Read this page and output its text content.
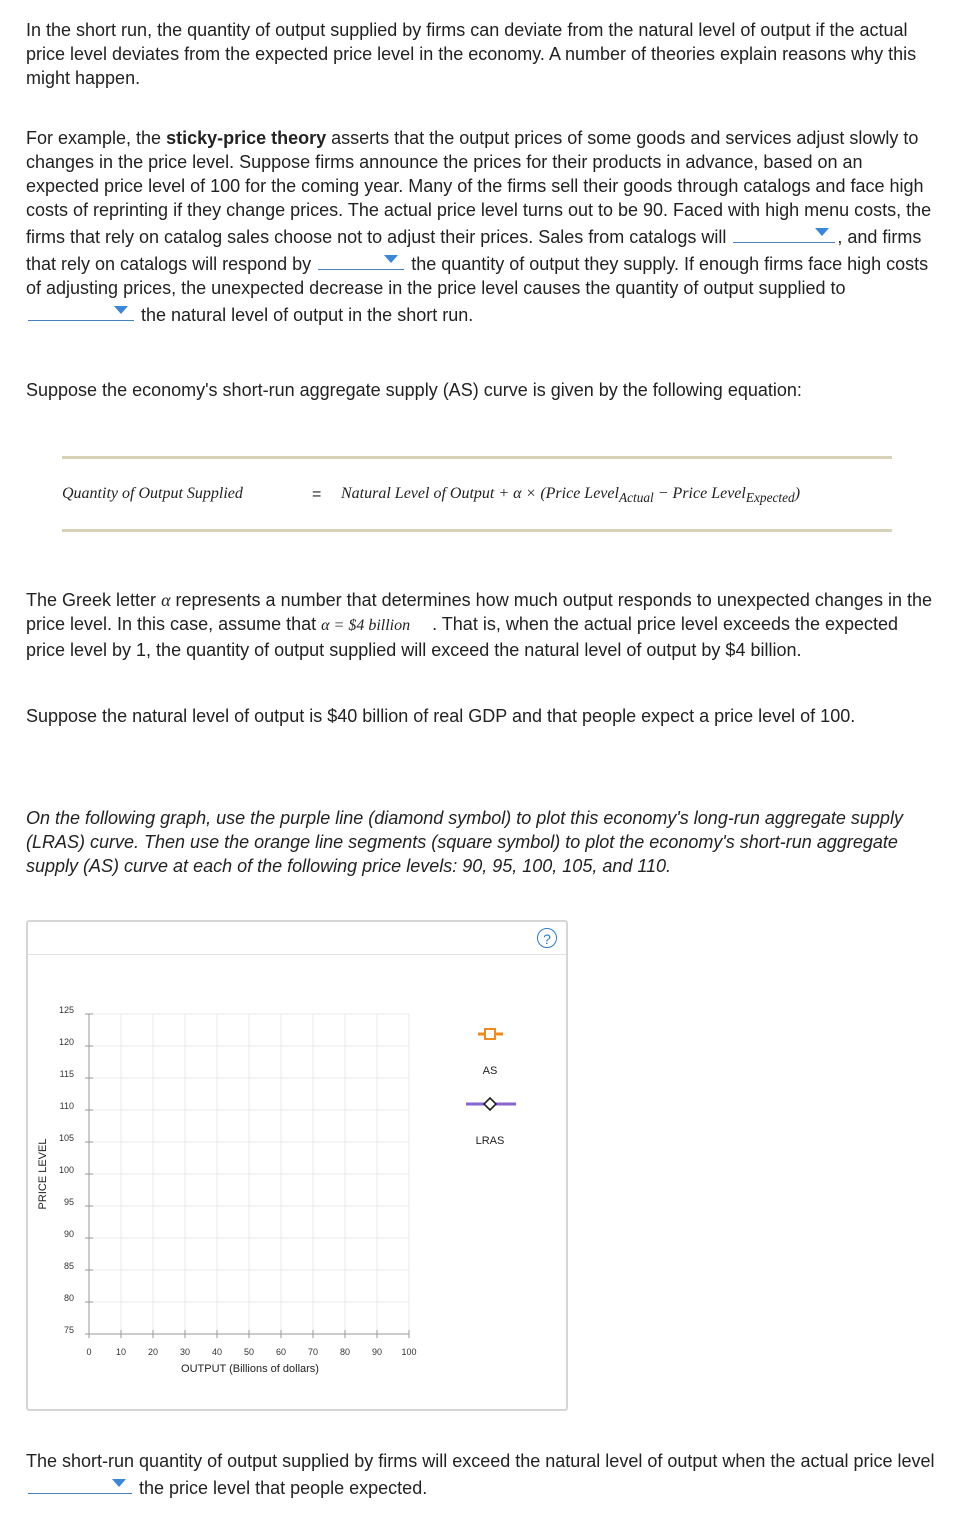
In the short run, the quantity of output supplied by firms can deviate from the natural level of output if the actual price level deviates from the expected price level in the economy. A number of theories explain reasons why this might happen.

For example, the sticky-price theory asserts that the output prices of some goods and services adjust slowly to changes in the price level. Suppose firms announce the prices for their products in advance, based on an expected price level of 100 for the coming year. Many of the firms sell their goods through catalogs and face high costs of reprinting if they change prices. The actual price level turns out to be 90. Faced with high menu costs, the firms that rely on catalog sales choose not to adjust their prices. Sales from catalogs will	, and firms that rely on catalogs will respond by	the quantity of output they supply. If enough firms face high costs of adjusting prices, the unexpected decrease in the price level causes the quantity of output supplied to
the natural level of output in the short run.

Suppose the economy's short-run aggregate supply (AS) curve is given by the following equation:

Quantity of Output Supplied	= Natural Level of Output + α × (Price Level$_{Actual}$ − Price Level$_{Expected}$)

The Greek letter α represents a number that determines how much output responds to unexpected changes in the price level. In this case, assume that α = $4 billion . That is, when the actual price level exceeds the expected price level by 1, the quantity of output supplied will exceed the natural level of output by $4 billion.

Suppose the natural level of output is $40 billion of real GDP and that people expect a price level of 100.

On the following graph, use the purple line (diamond symbol) to plot this economy's long-run aggregate supply (LRAS) curve. Then use the orange line segments (square symbol) to plot the economy's short-run aggregate supply (AS) curve at each of the following price levels: 90, 95, 100, 105, and 110.

?
0	10 20 30 40 50 60 70 80 90 100
75
80
85
90
95
100
105
110
115
120
125
OUTPUT (Billions of dollars)
PRICE LEVEL
AS
LRAS

The short-run quantity of output supplied by firms will exceed the natural level of output when the actual price level
the price level that people expected.
